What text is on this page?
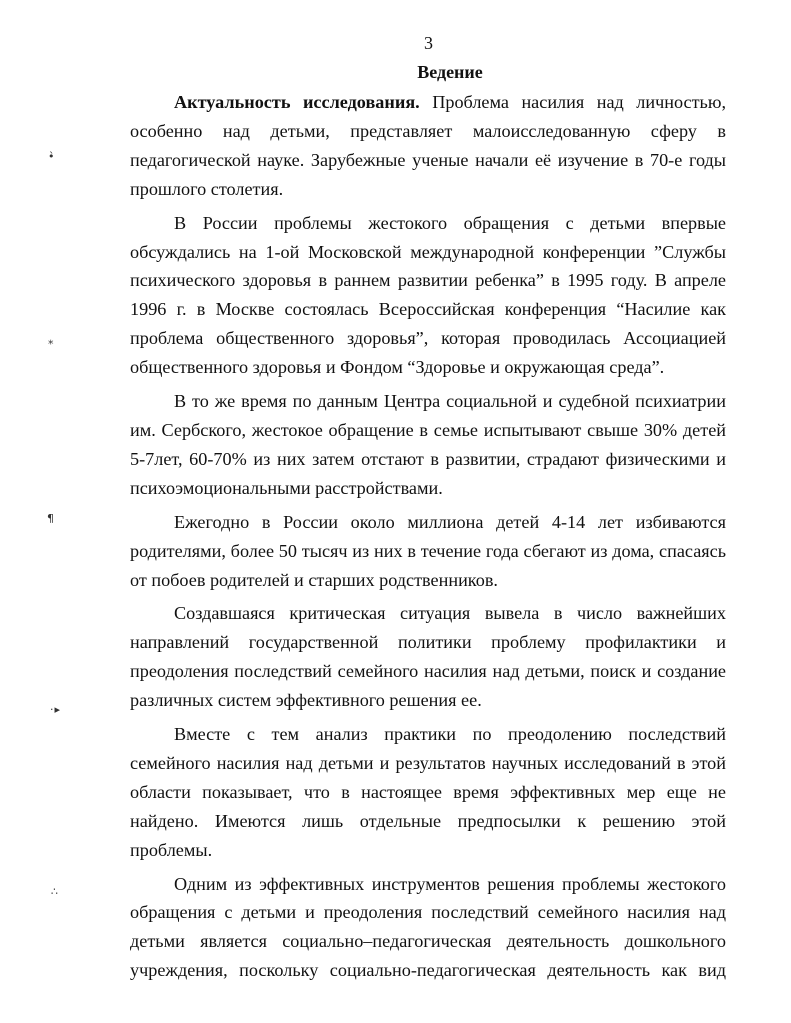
3
Ведение
•̀
⁎
¶
·▸
∴

Актуальность исследования. Проблема насилия над личностью, особенно над детьми, представляет малоисследованную сферу в педагогической науке. Зарубежные ученые начали её изучение в 70-е годы прошлого столетия.

В России проблемы жестокого обращения с детьми впервые обсуждались на 1-ой Московской международной конференции ”Службы психического здоровья в раннем развитии ребенка” в 1995 году. В апреле 1996 г. в Москве состоялась Всероссийская конференция “Насилие как проблема общественного здоровья”, которая проводилась Ассоциацией общественного здоровья и Фондом “Здоровье и окружающая среда”.

В то же время по данным Центра социальной и судебной психиатрии им. Сербского, жестокое обращение в семье испытывают свыше 30% детей 5-7лет, 60-70% из них затем отстают в развитии, страдают физическими и психоэмоциональными расстройствами.

Ежегодно в России около миллиона детей 4-14 лет избиваются родителями, более 50 тысяч из них в течение года сбегают из дома, спасаясь от побоев родителей и старших родственников.

Создавшаяся критическая ситуация вывела в число важнейших направлений государственной политики проблему профилактики и преодоления последствий семейного насилия над детьми, поиск и создание различных систем эффективного решения ее.

Вместе с тем анализ практики по преодолению последствий семейного насилия над детьми и результатов научных исследований в этой области показывает, что в настоящее время эффективных мер еще не найдено. Имеются лишь отдельные предпосылки к решению этой проблемы.

Одним из эффективных инструментов решения проблемы жестокого обращения с детьми и преодоления последствий семейного насилия над детьми является социально–педагогическая деятельность дошкольного учреждения, поскольку социально-педагогическая деятельность как вид
